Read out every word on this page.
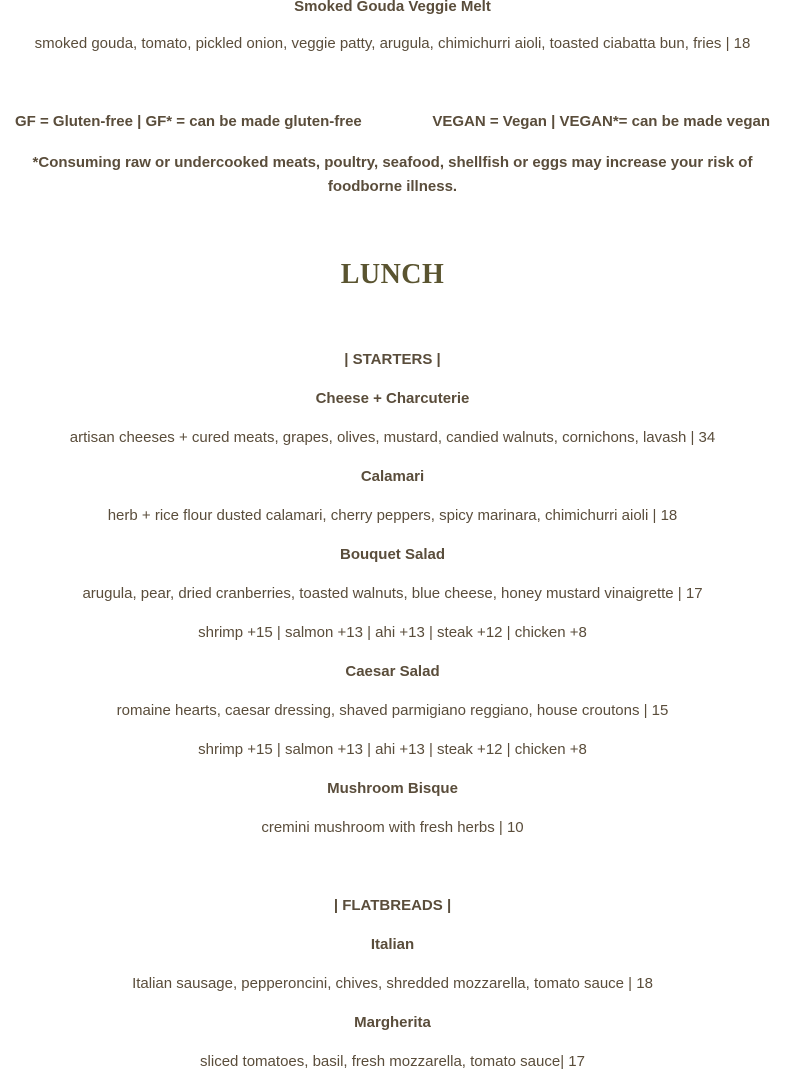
Smoked Gouda Veggie Melt
smoked gouda, tomato, pickled onion, veggie patty, arugula, chimichurri aioli, toasted ciabatta bun, fries | 18
GF = Gluten-free | GF* = can be made gluten-free	VEGAN = Vegan | VEGAN*= can be made vegan
*Consuming raw or undercooked meats, poultry, seafood, shellfish or eggs may increase your risk of foodborne illness.
LUNCH
| STARTERS |
Cheese + Charcuterie
artisan cheeses + cured meats, grapes, olives, mustard, candied walnuts, cornichons, lavash | 34
Calamari
herb + rice flour dusted calamari, cherry peppers, spicy marinara, chimichurri aioli | 18
Bouquet Salad
arugula, pear, dried cranberries, toasted walnuts, blue cheese, honey mustard vinaigrette | 17
shrimp +15 | salmon +13 | ahi +13 | steak +12 | chicken +8
Caesar Salad
romaine hearts, caesar dressing, shaved parmigiano reggiano, house croutons | 15
shrimp +15 | salmon +13 | ahi +13 | steak +12 | chicken +8
Mushroom Bisque
cremini mushroom with fresh herbs | 10
| FLATBREADS |
Italian
Italian sausage, pepperoncini, chives, shredded mozzarella, tomato sauce | 18
Margherita
sliced tomatoes, basil, fresh mozzarella, tomato sauce| 17
